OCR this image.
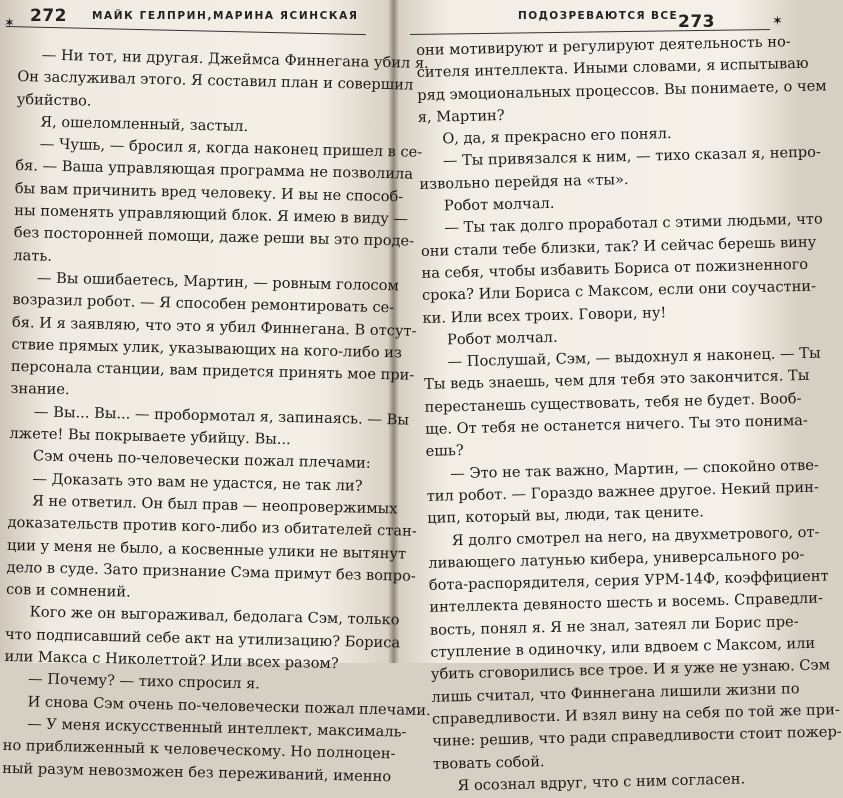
✶ 272 МАЙК ГЕЛПРИН,МАРИНА ЯСИНСКАЯ
— Ни тот, ни другая. Джеймса Финнегана убил я.
Он заслуживал этого. Я составил план и совершил
убийство.
Я, ошеломленный, застыл.
— Чушь, — бросил я, когда наконец пришел в се-
бя. — Ваша управляющая программа не позволила
бы вам причинить вред человеку. И вы не способ-
ны поменять управляющий блок. Я имею в виду —
без посторонней помощи, даже реши вы это проде-
лать.
— Вы ошибаетесь, Мартин, — ровным голосом
возразил робот. — Я способен ремонтировать се-
бя. И я заявляю, что это я убил Финнегана. В отсут-
ствие прямых улик, указывающих на кого-либо из
персонала станции, вам придется принять мое при-
знание.
— Вы... Вы... — пробормотал я, запинаясь. — Вы
лжете! Вы покрываете убийцу. Вы...
Сэм очень по-человечески пожал плечами:
— Доказать это вам не удастся, не так ли?
Я не ответил. Он был прав — неопровержимых
доказательств против кого-либо из обитателей стан-
ции у меня не было, а косвенные улики не вытянут
дело в суде. Зато признание Сэма примут без вопро-
сов и сомнений.
Кого же он выгораживал, бедолага Сэм, только
что подписавший себе акт на утилизацию? Бориса
или Макса с Николеттой? Или всех разом?
— Почему? — тихо спросил я.
И снова Сэм очень по-человечески пожал плечами.
— У меня искусственный интеллект, максималь-
но приближенный к человеческому. Но полноцен-
ный разум невозможен без переживаний, именно
ПОДОЗРЕВАЮТСЯ ВСЕ 273	✶
они мотивируют и регулируют деятельность но-
сителя интеллекта. Иными словами, я испытываю
ряд эмоциональных процессов. Вы понимаете, о чем
я, Мартин?
О, да, я прекрасно его понял.
— Ты привязался к ним, — тихо сказал я, непро-
извольно перейдя на «ты».
Робот молчал.
— Ты так долго проработал с этими людьми, что
они стали тебе близки, так? И сейчас берешь вину
на себя, чтобы избавить Бориса от пожизненного
срока? Или Бориса с Максом, если они соучастни-
ки. Или всех троих. Говори, ну!
Робот молчал.
— Послушай, Сэм, — выдохнул я наконец. — Ты
Ты ведь знаешь, чем для тебя это закончится. Ты
перестанешь существовать, тебя не будет. Вооб-
ще. От тебя не останется ничего. Ты это понима-
ешь?
— Это не так важно, Мартин, — спокойно отве-
тил робот. — Гораздо важнее другое. Некий прин-
цип, который вы, люди, так цените.
Я долго смотрел на него, на двухметрового, от-
ливающего латунью кибера, универсального ро-
бота-распорядителя, серия УРМ-14Ф, коэффициент
интеллекта девяносто шесть и восемь. Справедли-
вость, понял я. Я не знал, затеял ли Борис пре-
ступление в одиночку, или вдвоем с Максом, или
убить сговорились все трое. И я уже не узнаю. Сэм
лишь считал, что Финнегана лишили жизни по
справедливости. И взял вину на себя по той же при-
чине: решив, что ради справедливости стоит пожер-
твовать собой.
Я осознал вдруг, что с ним согласен.
